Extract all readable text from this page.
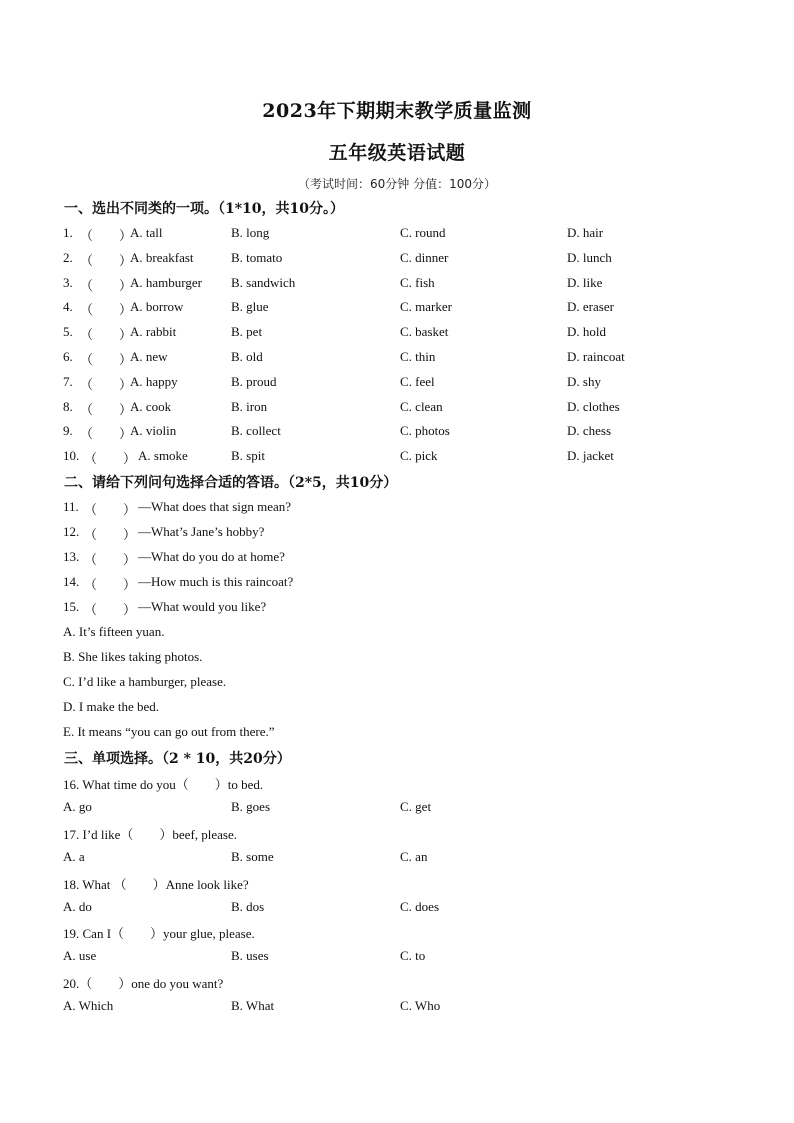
2023年下期期末教学质量监测
五年级英语试题
（考试时间：60分钟 分值：100分）
一、选出不同类的一项。（1*10，共10分。）
1. （　　）
A. tall	B. long	C. round	D. hair
2. （　　）
A. breakfast	B. tomato	C. dinner	D. lunch
3. （　　）
A. hamburger B. sandwich	C. fish	D. like
4. （　　）
A. borrow	B. glue	C. marker	D. eraser
5. （　　）
A. rabbit	B. pet	C. basket	D. hold
6. （　　）
A. new	B. old	C. thin	D. raincoat
7. （　　）
A. happy	B. proud	C. feel	D. shy
8. （　　）
A. cook	B. iron	C. clean	D. clothes
9. （　　）
A. violin	B. collect	C. photos	D. chess
10. （　　） A. smoke	B. spit	C. pick	D. jacket
二、请给下列问句选择合适的答语。（2*5，共10分）
11. （　　） —What does that sign mean?
12. （　　） —What’s Jane’s hobby?
13. （　　） —What do you do at home?
14. （　　） —How much is this raincoat?
15. （　　） —What would you like?
A. It’s fifteen yuan.
B. She likes taking photos.
C. I’d like a hamburger, please.
D. I make the bed.
E. It means “you can go out from there.”
三、单项选择。（2 * 10，共20分）
16. What time do you（　　）to bed.
A. go	B. goes	C. get
17. I’d like（　　）beef, please.
A. a	B. some	C. an
18. What （　　）Anne look like?
A. do	B. dos	C. does
19. Can I（　　）your glue, please.
A. use	B. uses	C. to
20.（　　）one do you want?
A. Which	B. What	C. Who
